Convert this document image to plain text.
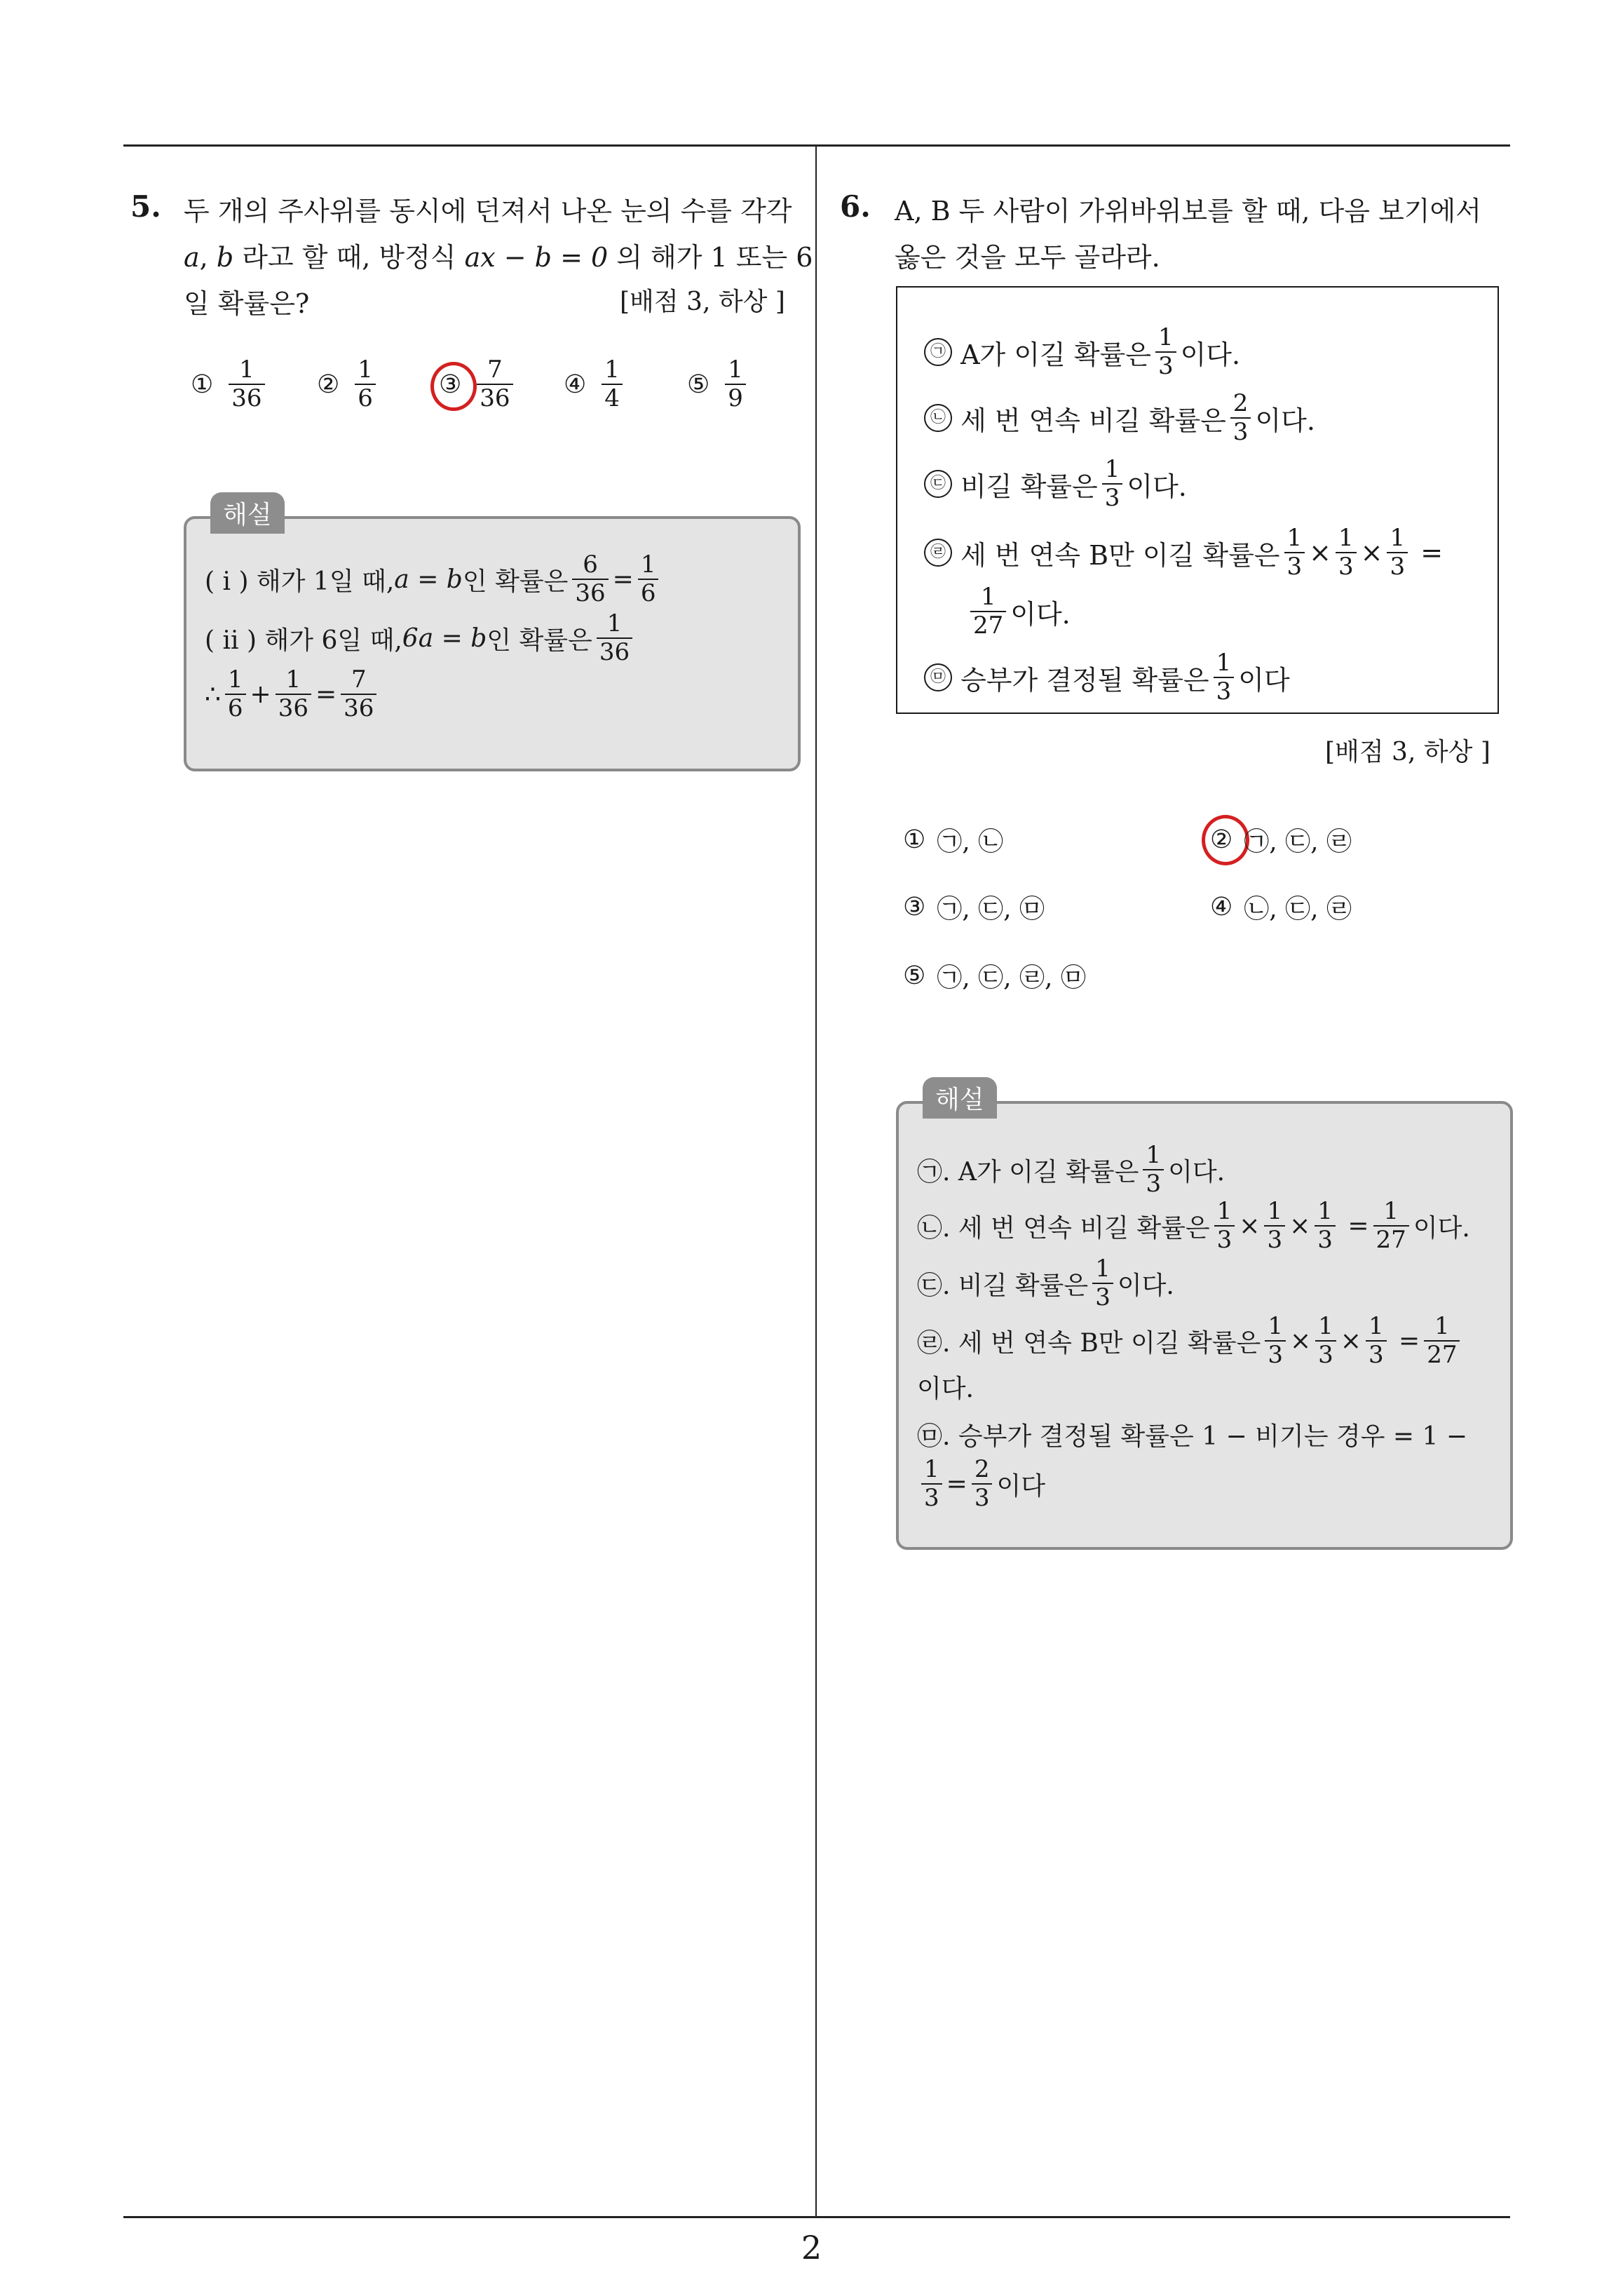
5. 두 개의 주사위를 동시에 던져서 나온 눈의 수를 각각
a, b 라고 할 때, 방정식 ax − b = 0 의 해가 1 또는 6
일 확률은?	[배점 3, 하상 ]
① $\frac{1}{36}$ ② $\frac{1}{6}$	③ $\frac{7}{36}$ ④ $\frac{1}{4}$	⑤ $\frac{1}{9}$
해설
( i ) 해가 1일 때, a = b 인 확률은 $\frac{6}{36} = \frac{1}{6}$
( ii ) 해가 6일 때, 6a = b 인 확률은 $\frac{1}{36}$
∴ $\frac{1}{6} + \frac{1}{36} = \frac{7}{36}$
6. A, B 두 사람이 가위바위보를 할 때, 다음 보기에서
옳은 것을 모두 골라라.
㉠
A가 이길 확률은 $\frac{1}{3}$ 이다.
㉡
세 번 연속 비길 확률은 $\frac{2}{3}$ 이다.
㉢
비길 확률은 $\frac{1}{3}$ 이다.
㉣
세 번 연속 B만 이길 확률은 $\frac{1}{3} \times \frac{1}{3} \times \frac{1}{3}$
=
$\frac{1}{27}$ 이다.
㉤
승부가 결정될 확률은 $\frac{1}{3}$ 이다
[배점 3, 하상 ]
① ㉠, ㉡	② ㉠, ㉢, ㉣
③ ㉠, ㉢, ㉤	④ ㉡, ㉢, ㉣
⑤ ㉠, ㉢, ㉣, ㉤
해설
㉠. A가 이길 확률은 $\frac{1}{3}$ 이다.
㉡. 세 번 연속 비길 확률은 $\frac{1}{3} \times \frac{1}{3} \times \frac{1}{3}$
= $\frac{1}{27}$ 이다.
㉢. 비길 확률은 $\frac{1}{3}$ 이다.
㉣. 세 번 연속 B만 이길 확률은 $\frac{1}{3} \times \frac{1}{3} \times \frac{1}{3}$
= $\frac{1}{27}$
이다.
㉤. 승부가 결정될 확률은 1 − 비기는 경우 = 1 −
$\frac{1}{3} = \frac{2}{3}$ 이다
2
